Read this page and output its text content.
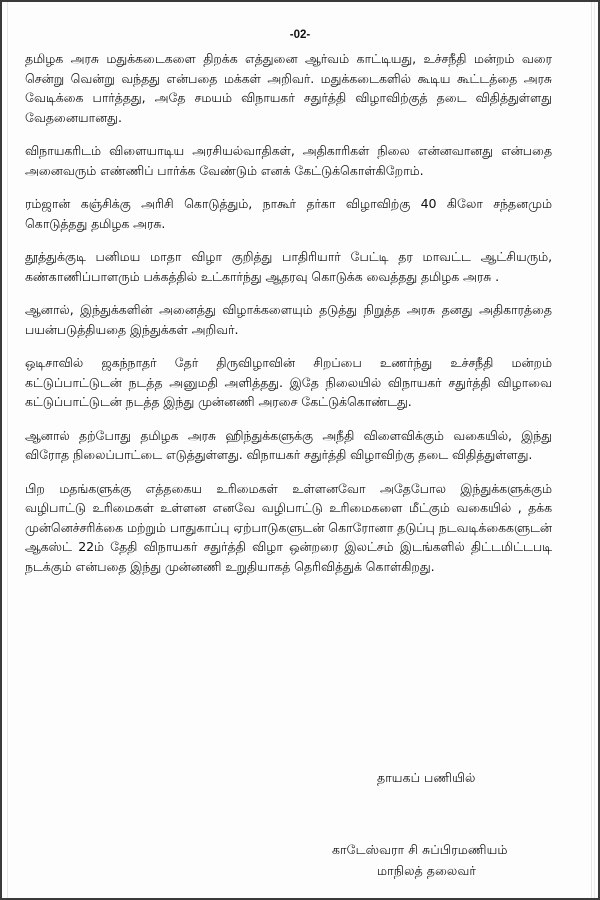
-02-

தமிழக அரசு மதுக்கடைகளை திறக்க எத்துனை ஆர்வம் காட்டியது, உச்சநீதி மன்றம் வரை சென்று வென்று வந்தது என்பதை மக்கள் அறிவர். மதுக்கடைகளில் கூடிய கூட்டத்தை அரசு வேடிக்கை பார்த்தது, அதே சமயம் விநாயகர் சதுர்த்தி விழாவிற்குத் தடை விதித்துள்ளது வேதனையானது.

விநாயகரிடம் விளையாடிய அரசியல்வாதிகள், அதிகாரிகள் நிலை என்னவானது என்பதை அனைவரும் எண்ணிப் பார்க்க வேண்டும் எனக் கேட்டுக்கொள்கிறோம்.

ரம்ஜான் கஞ்சிக்கு அரிசி கொடுத்தும், நாகூர் தர்கா விழாவிற்கு 40 கிலோ சந்தனமும் கொடுத்தது தமிழக அரசு.

தூத்துக்குடி பனிமய மாதா விழா குறித்து பாதிரியார் பேட்டி தர மாவட்ட ஆட்சியரும், கண்காணிப்பாளரும் பக்கத்தில் உட்கார்ந்து ஆதரவு கொடுக்க வைத்தது தமிழக அரசு .

ஆனால், இந்துக்களின் அனைத்து விழாக்களையும் தடுத்து நிறுத்த அரசு தனது அதிகாரத்தை பயன்படுத்தியதை இந்துக்கள் அறிவர்.

ஒடிசாவில் ஜகந்நாதர் தேர் திருவிழாவின் சிறப்பை உணர்ந்து உச்சநீதி மன்றம் கட்டுப்பாட்டுடன் நடத்த அனுமதி அளித்தது. இதே நிலையில் விநாயகர் சதுர்த்தி விழாவை கட்டுப்பாட்டுடன் நடத்த இந்து முன்னணி அரசை கேட்டுக்கொண்டது.

ஆனால் தற்போது தமிழக அரசு ஹிந்துக்களுக்கு அநீதி விளைவிக்கும் வகையில், இந்து விரோத நிலைப்பாட்டை எடுத்துள்ளது. விநாயகர் சதுர்த்தி விழாவிற்கு தடை விதித்துள்ளது.

பிற மதங்களுக்கு எத்தகைய உரிமைகள் உள்ளனவோ அதேபோல இந்துக்களுக்கும் வழிபாட்டு உரிமைகள் உள்ளன எனவே வழிபாட்டு உரிமைகளை மீட்கும் வகையில் , தக்க முன்னெச்சரிக்கை மற்றும் பாதுகாப்பு ஏற்பாடுகளுடன் கொரோனா தடுப்பு நடவடிக்கைகளுடன் ஆகஸ்ட் 22ம் தேதி விநாயகர் சதுர்த்தி விழா ஒன்றரை இலட்சம் இடங்களில் திட்டமிட்டபடி நடக்கும் என்பதை இந்து முன்னணி உறுதியாகத் தெரிவித்துக் கொள்கிறது.

தாயகப் பணியில்
காடேஸ்வரா சி சுப்பிரமணியம்
மாநிலத் தலைவர்
